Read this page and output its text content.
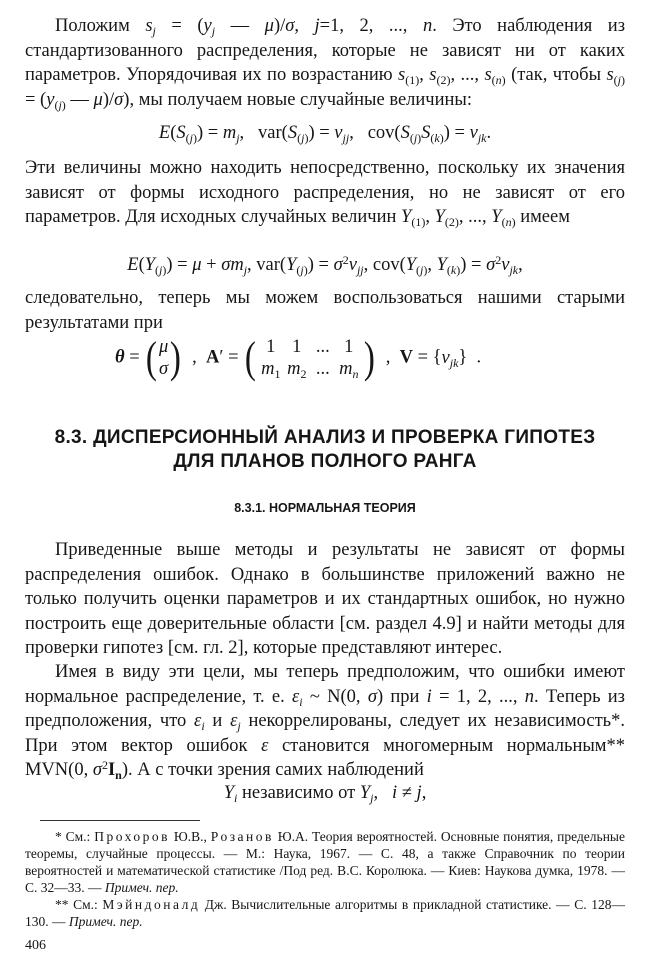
Положим $s_j = (y_j$ — μ)/σ, j=1, 2, ..., n. Это наблюдения из стандартизованного распределения, которые не зависят ни от каких параметров. Упорядочивая их по возрастанию $s_{(1)}$, $s_{(2)}$, ..., $s_{(n)}$ (так, чтобы $s_{(j)} = (y_{(j)}$ — μ)/σ), мы получаем новые случайные величины:

$E(S_{(j)}) = m_j$,   $var(S_{(j)}) = v_{jj}$,   $cov(S_{(j)}S_{(k)}) = v_{jk}$.

Эти величины можно находить непосредственно, поскольку их значения зависят от формы исходного распределения, но не зависят от его параметров. Для исходных случайных величин $Y_{(1)}$, $Y_{(2)}$, ..., $Y_{(n)}$ имеем

$E(Y_{(j)}) = \mu + \sigma m_j$, $var(Y_{(j)}) = \sigma^2v_{jj}$, $cov(Y_{(j)}$, $Y_{(k)}) = \sigma^2v_{jk}$,

следовательно, теперь мы можем воспользоваться нашими старыми результатами при

θ = (μ
σ)  ,  A′ = ( 1 1 ... 1
$m_1$ $m_2$ ... $m_n$ )  ,  $V = \{v_{jk}\}$  .
8.3. ДИСПЕРСИОННЫЙ АНАЛИЗ И ПРОВЕРКА ГИПОТЕЗ
ДЛЯ ПЛАНОВ ПОЛНОГО РАНГА
8.3.1. НОРМАЛЬНАЯ ТЕОРИЯ

Приведенные выше методы и результаты не зависят от формы распределения ошибок. Однако в большинстве приложений важно не только получить оценки параметров и их стандартных ошибок, но нужно построить еще доверительные области [см. раздел 4.9] и найти методы для проверки гипотез [см. гл. 2], которые представляют интерес.

Имея в виду эти цели, мы теперь предположим, что ошибки имеют нормальное распределение, т. е. $\varepsilon_i$ ~ N(0, σ) при i = 1, 2, ..., n. Теперь из предположения, что $\varepsilon_i$ и $\varepsilon_j$ некоррелированы, следует их независимость*. При этом вектор ошибок ε становится многомерным нормальным** MVN(0, $\sigma^2I_n$). А с точки зрения самих наблюдений

$Y_i$ независимо от $Y_j$,   i ≠ j,

* См.: Прохоров Ю.В., Розанов Ю.А. Теория вероятностей. Основные понятия, предельные теоремы, случайные процессы. — М.: Наука, 1967. — С. 48, а также Справочник по теории вероятностей и математической статистике /Под ред. В.С. Королюка. — Киев: Наукова думка, 1978. — С. 32—33. — Примеч. пер.

** См.: Мэйндоналд Дж. Вычислительные алгоритмы в прикладной статистике. — С. 128—130. — Примеч. пер.

406
